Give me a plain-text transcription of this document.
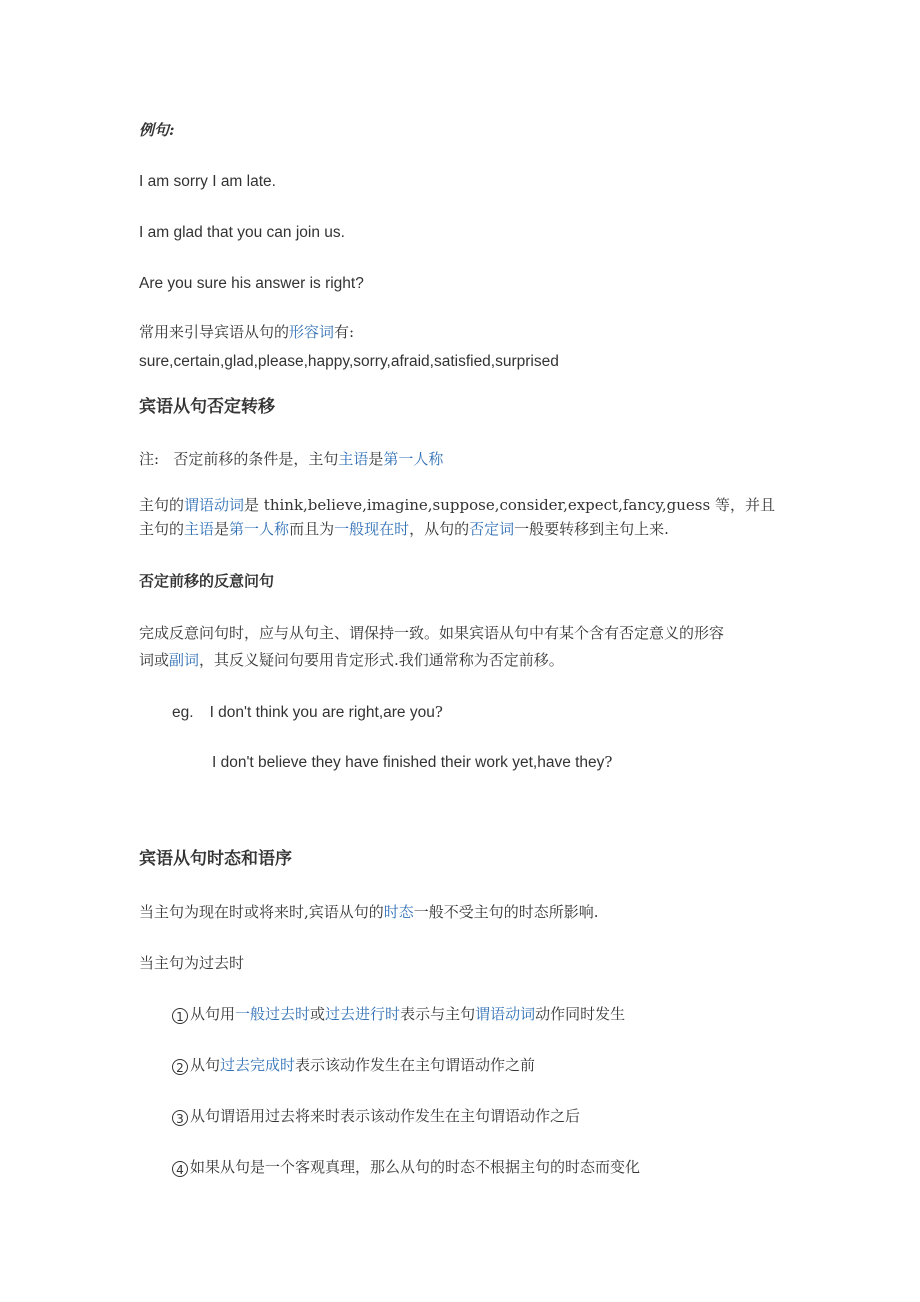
例句:
I am sorry I am late.
I am glad that you can join us.
Are you sure his answer is right?
常用来引导宾语从句的形容词有:
sure,certain,glad,please,happy,sorry,afraid,satisfied,surprised
宾语从句否定转移
注:   否定前移的条件是，主句主语是第一人称
主句的谓语动词是 think,believe,imagine,suppose,consider,expect,fancy,guess 等，并且
主句的主语是第一人称而且为一般现在时，从句的否定词一般要转移到主句上来.
否定前移的反意问句
完成反意问句时，应与从句主、谓保持一致。如果宾语从句中有某个含有否定意义的形容
词或副词，其反义疑问句要用肯定形式.我们通常称为否定前移。
eg. I don't think you are right,are you?
I don't believe they have finished their work yet,have they?
宾语从句时态和语序
当主句为现在时或将来时,宾语从句的时态一般不受主句的时态所影响.
当主句为过去时
1 从句用一般过去时或过去进行时表示与主句谓语动词动作同时发生
2 从句过去完成时表示该动作发生在主句谓语动作之前
3 从句谓语用过去将来时表示该动作发生在主句谓语动作之后
4 如果从句是一个客观真理，那么从句的时态不根据主句的时态而变化
